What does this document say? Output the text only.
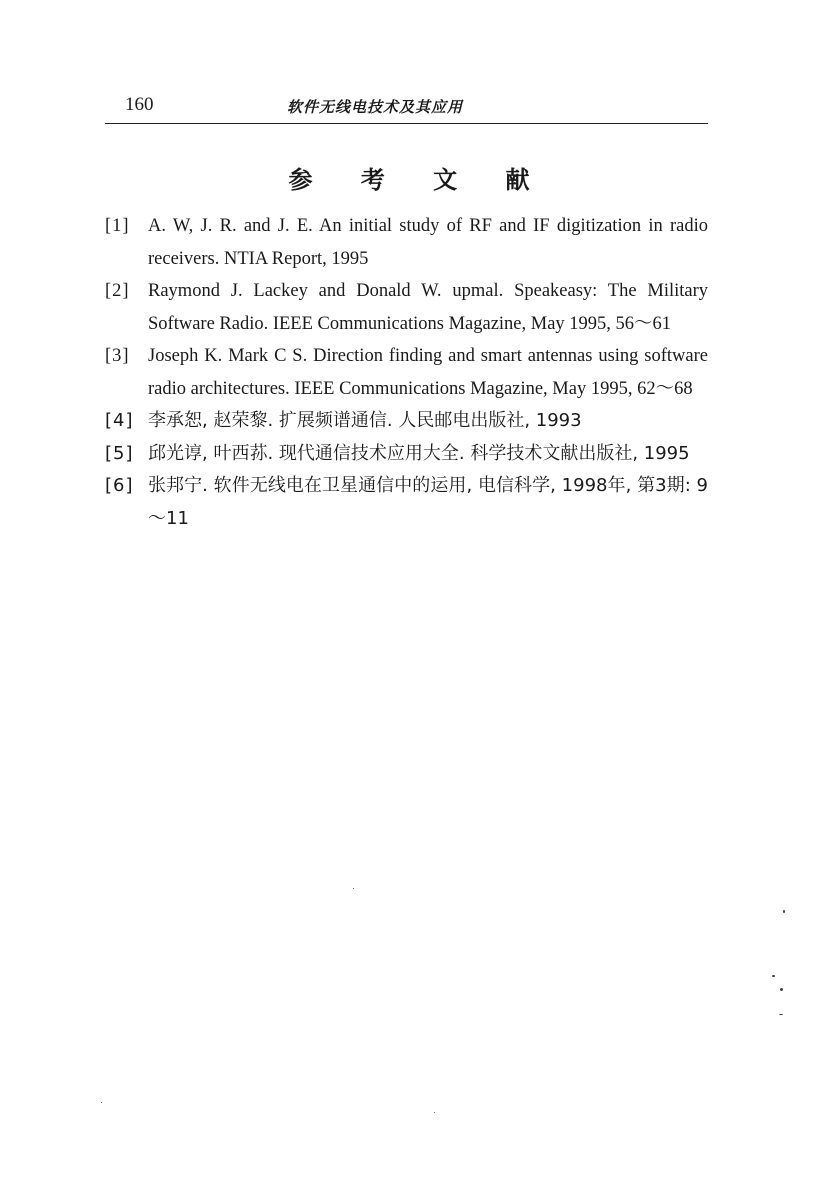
160	软件无线电技术及其应用
参 考 文 献
[1] A. W, J. R. and J. E. An initial study of RF and IF digitization in radio receivers. NTIA Report, 1995
[2] Raymond J. Lackey and Donald W. upmal. Speakeasy: The Military Software Radio. IEEE Communications Magazine, May 1995, 56～61
[3] Joseph K. Mark C S. Direction finding and smart antennas using software radio architectures. IEEE Communications Magazine, May 1995, 62～68
[4] 李承恕, 赵荣黎. 扩展频谱通信. 人民邮电出版社, 1993
[5] 邱光谆, 叶西荪. 现代通信技术应用大全. 科学技术文献出版社, 1995
[6] 张邦宁. 软件无线电在卫星通信中的运用, 电信科学, 1998年, 第3期: 9～11
